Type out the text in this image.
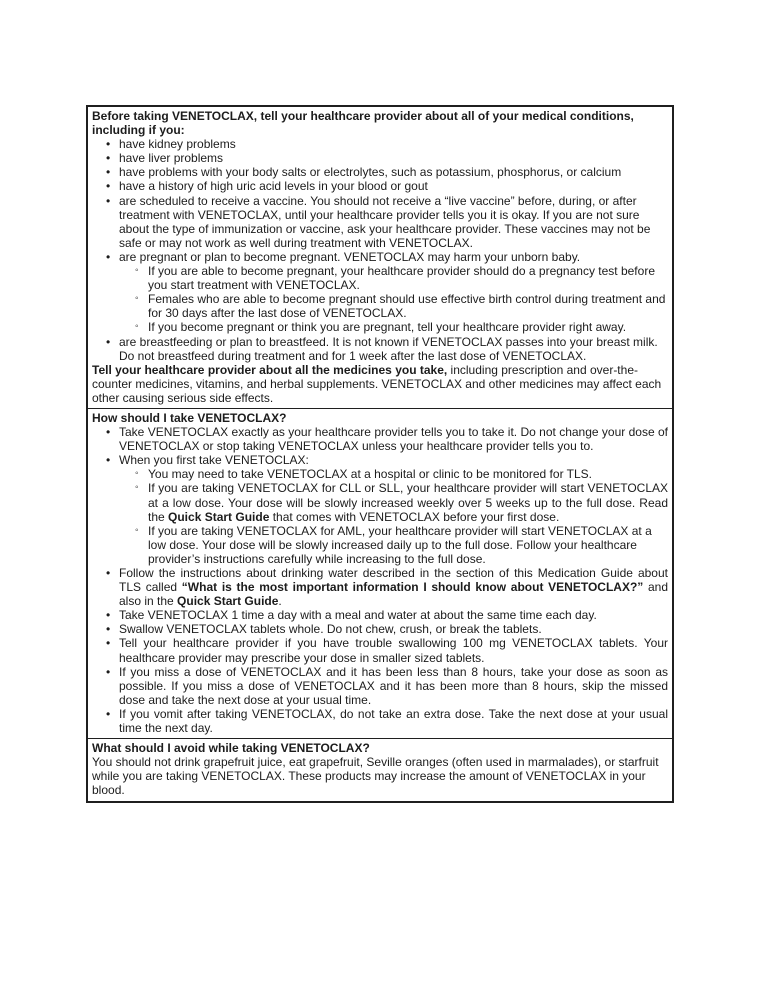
Before taking VENETOCLAX, tell your healthcare provider about all of your medical conditions, including if you:
• have kidney problems
• have liver problems
• have problems with your body salts or electrolytes, such as potassium, phosphorus, or calcium
• have a history of high uric acid levels in your blood or gout
• are scheduled to receive a vaccine. You should not receive a “live vaccine” before, during, or after treatment with VENETOCLAX, until your healthcare provider tells you it is okay. If you are not sure about the type of immunization or vaccine, ask your healthcare provider. These vaccines may not be safe or may not work as well during treatment with VENETOCLAX.
• are pregnant or plan to become pregnant. VENETOCLAX may harm your unborn baby.
◦ If you are able to become pregnant, your healthcare provider should do a pregnancy test before you start treatment with VENETOCLAX.
◦ Females who are able to become pregnant should use effective birth control during treatment and for 30 days after the last dose of VENETOCLAX.
◦ If you become pregnant or think you are pregnant, tell your healthcare provider right away.
• are breastfeeding or plan to breastfeed. It is not known if VENETOCLAX passes into your breast milk. Do not breastfeed during treatment and for 1 week after the last dose of VENETOCLAX.
Tell your healthcare provider about all the medicines you take, including prescription and over-the-counter medicines, vitamins, and herbal supplements. VENETOCLAX and other medicines may affect each other causing serious side effects.
How should I take VENETOCLAX?
• Take VENETOCLAX exactly as your healthcare provider tells you to take it. Do not change your dose of VENETOCLAX or stop taking VENETOCLAX unless your healthcare provider tells you to.
• When you first take VENETOCLAX:
◦ You may need to take VENETOCLAX at a hospital or clinic to be monitored for TLS.
◦ If you are taking VENETOCLAX for CLL or SLL, your healthcare provider will start VENETOCLAX at a low dose. Your dose will be slowly increased weekly over 5 weeks up to the full dose. Read the Quick Start Guide that comes with VENETOCLAX before your first dose.
◦ If you are taking VENETOCLAX for AML, your healthcare provider will start VENETOCLAX at a low dose. Your dose will be slowly increased daily up to the full dose. Follow your healthcare provider’s instructions carefully while increasing to the full dose.
• Follow the instructions about drinking water described in the section of this Medication Guide about TLS called “What is the most important information I should know about VENETOCLAX?” and also in the Quick Start Guide.
• Take VENETOCLAX 1 time a day with a meal and water at about the same time each day.
• Swallow VENETOCLAX tablets whole. Do not chew, crush, or break the tablets.
• Tell your healthcare provider if you have trouble swallowing 100 mg VENETOCLAX tablets. Your healthcare provider may prescribe your dose in smaller sized tablets.
• If you miss a dose of VENETOCLAX and it has been less than 8 hours, take your dose as soon as possible. If you miss a dose of VENETOCLAX and it has been more than 8 hours, skip the missed dose and take the next dose at your usual time.
• If you vomit after taking VENETOCLAX, do not take an extra dose. Take the next dose at your usual time the next day.
What should I avoid while taking VENETOCLAX?
You should not drink grapefruit juice, eat grapefruit, Seville oranges (often used in marmalades), or starfruit while you are taking VENETOCLAX. These products may increase the amount of VENETOCLAX in your blood.
